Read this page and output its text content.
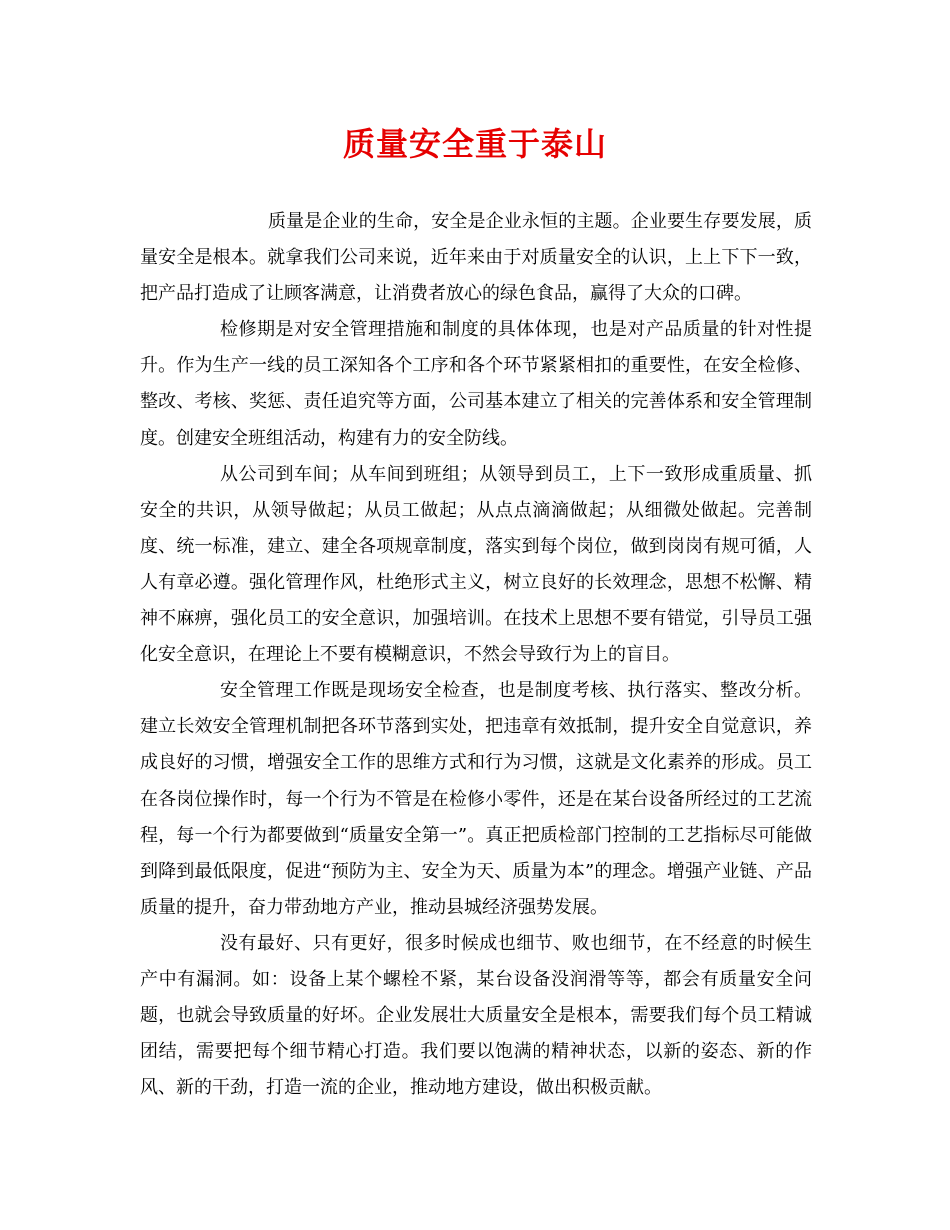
质量安全重于泰山

质量是企业的生命，安全是企业永恒的主题。企业要生存要发展，质量安全是根本。就拿我们公司来说，近年来由于对质量安全的认识，上上下下一致，把产品打造成了让顾客满意，让消费者放心的绿色食品，赢得了大众的口碑。

检修期是对安全管理措施和制度的具体体现，也是对产品质量的针对性提升。作为生产一线的员工深知各个工序和各个环节紧紧相扣的重要性，在安全检修、整改、考核、奖惩、责任追究等方面，公司基本建立了相关的完善体系和安全管理制度。创建安全班组活动，构建有力的安全防线。

从公司到车间；从车间到班组；从领导到员工，上下一致形成重质量、抓安全的共识，从领导做起；从员工做起；从点点滴滴做起；从细微处做起。完善制度、统一标准，建立、建全各项规章制度，落实到每个岗位，做到岗岗有规可循，人人有章必遵。强化管理作风，杜绝形式主义，树立良好的长效理念，思想不松懈、精神不麻痹，强化员工的安全意识，加强培训。在技术上思想不要有错觉，引导员工强化安全意识，在理论上不要有模糊意识，不然会导致行为上的盲目。

安全管理工作既是现场安全检查，也是制度考核、执行落实、整改分析。建立长效安全管理机制把各环节落到实处，把违章有效抵制，提升安全自觉意识，养成良好的习惯，增强安全工作的思维方式和行为习惯，这就是文化素养的形成。员工在各岗位操作时，每一个行为不管是在检修小零件，还是在某台设备所经过的工艺流程，每一个行为都要做到“质量安全第一”。真正把质检部门控制的工艺指标尽可能做到降到最低限度，促进“预防为主、安全为天、质量为本”的理念。增强产业链、产品质量的提升，奋力带劲地方产业，推动县城经济强势发展。

没有最好、只有更好，很多时候成也细节、败也细节，在不经意的时候生产中有漏洞。如：设备上某个螺栓不紧，某台设备没润滑等等，都会有质量安全问题，也就会导致质量的好坏。企业发展壮大质量安全是根本，需要我们每个员工精诚团结，需要把每个细节精心打造。我们要以饱满的精神状态，以新的姿态、新的作风、新的干劲，打造一流的企业，推动地方建设，做出积极贡献。
